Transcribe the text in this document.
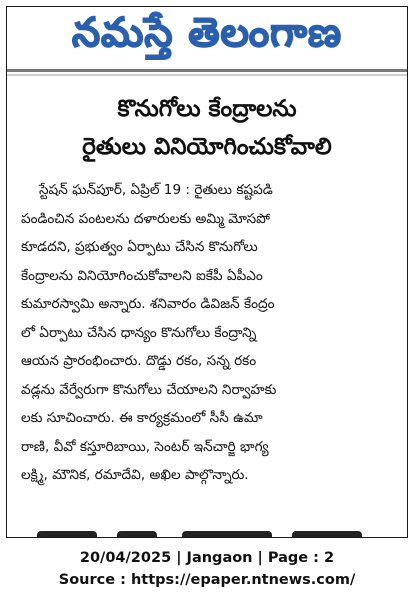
నమస్తే తెలంగాణ
కొనుగోలు కేంద్రాలను
రైతులు వినియోగించుకోవాలి
స్టేషన్ ఘన్‌పూర్, ఏప్రిల్ 19 : రైతులు కష్టపడి
పండించిన పంటలను దళారులకు అమ్మి మోసపో
కూడదని, ప్రభుత్వం ఏర్పాటు చేసిన కొనుగోలు
కేంద్రాలను వినియోగించుకోవాలని ఐకేపీ ఏపీఎం
కుమారస్వామి అన్నారు. శనివారం డివిజన్ కేంద్రం
లో ఏర్పాటు చేసిన ధాన్యం కొనుగోలు కేంద్రాన్ని
ఆయన ప్రారంభించారు. దొడ్డు రకం, సన్న రకం
వడ్లను వేర్వేరుగా కొనుగోలు చేయాలని నిర్వాహకు
లకు సూచించారు. ఈ కార్యక్రమంలో సీసీ ఉమా
రాణి, వీవో కస్తూరిబాయి, సెంటర్ ఇన్‌చార్జి భాగ్య
లక్ష్మి, మౌనిక, రమాదేవి, అఖిల పాల్గొన్నారు.
20/04/2025 | Jangaon | Page : 2
Source : https://epaper.ntnews.com/
